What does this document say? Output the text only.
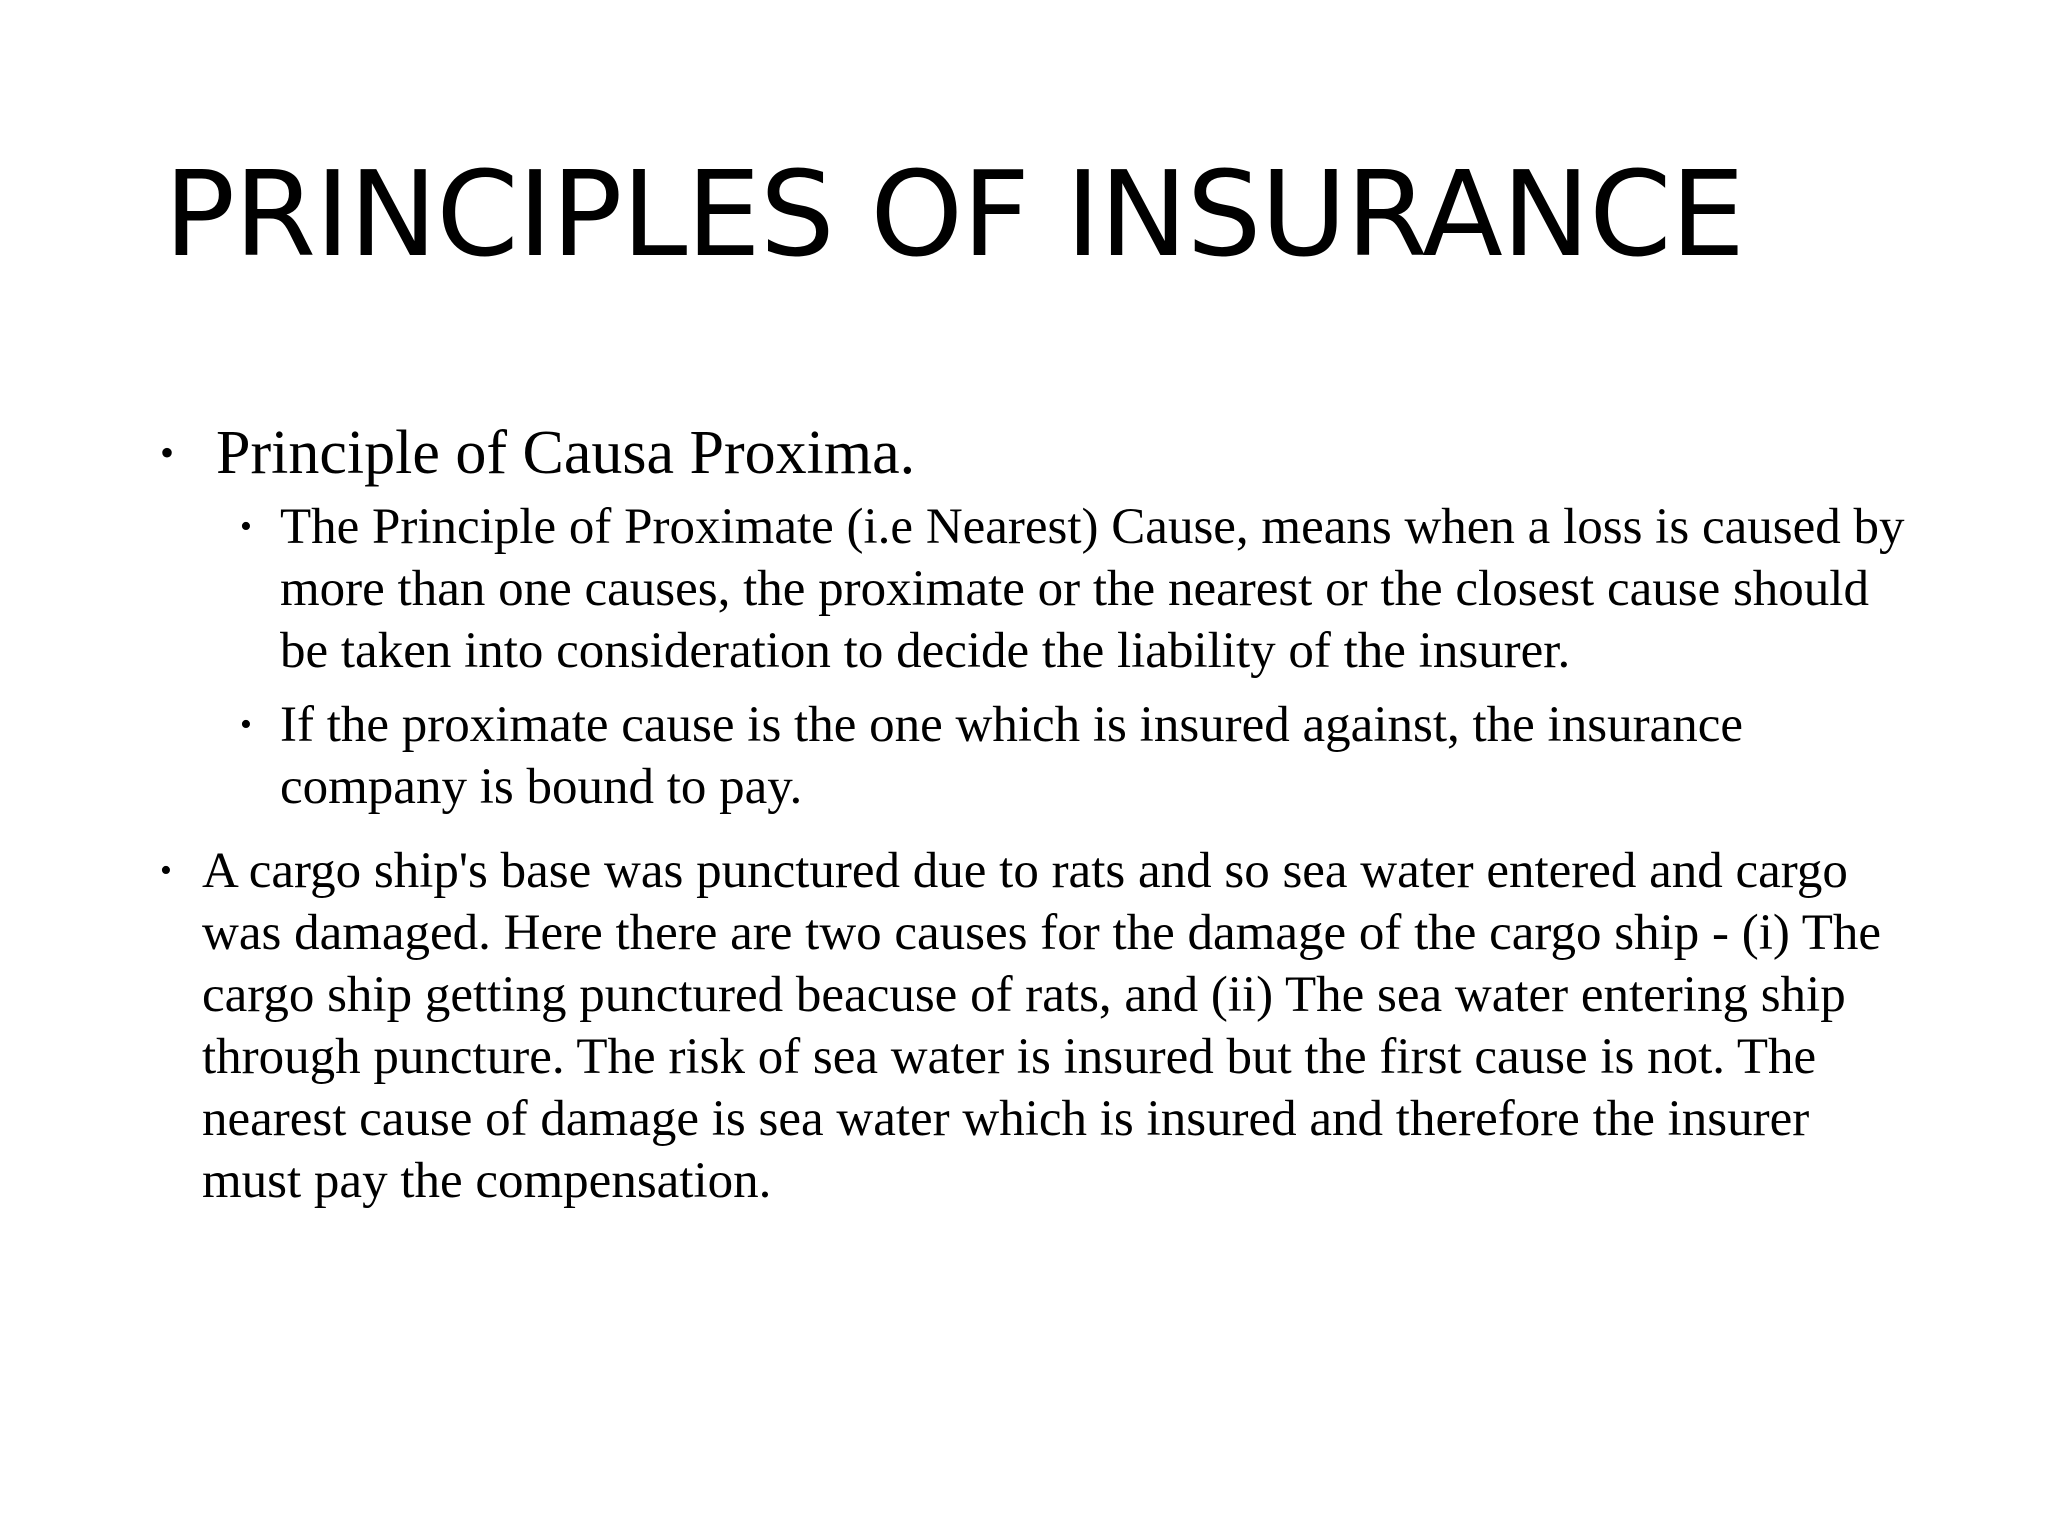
PRINCIPLES OF INSURANCE
• Principle of Causa Proxima.
• The Principle of Proximate (i.e Nearest) Cause, means when a loss is caused by more than one causes, the proximate or the nearest or the closest cause should be taken into consideration to decide the liability of the insurer.
• If the proximate cause is the one which is insured against, the insurance company is bound to pay.
• A cargo ship's base was punctured due to rats and so sea water entered and cargo was damaged. Here there are two causes for the damage of the cargo ship - (i) The cargo ship getting punctured beacuse of rats, and (ii) The sea water entering ship through puncture. The risk of sea water is insured but the first cause is not. The nearest cause of damage is sea water which is insured and therefore the insurer must pay the compensation.
